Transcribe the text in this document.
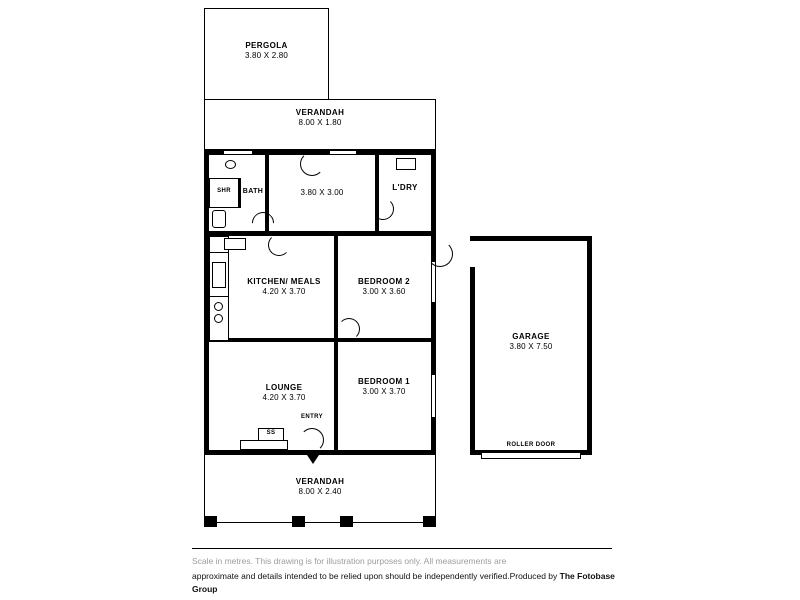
PERGOLA
3.80 X 2.80
VERANDAH
8.00 X 1.80
SHR	BATH	3.80 X 3.00
L'DRY
KITCHEN/ MEALS
4.20 X 3.70
BEDROOM 2
3.00 X 3.60
LOUNGE
4.20 X 3.70
BEDROOM 1
3.00 X 3.70
ENTRY
SS
VERANDAH
8.00 X 2.40
GARAGE
3.80 X 7.50
ROLLER DOOR
Scale in metres. This drawing is for illustration purposes only. All measurements are
approximate and details intended to be relied upon should be independently verified.Produced by The Fotobase Group
